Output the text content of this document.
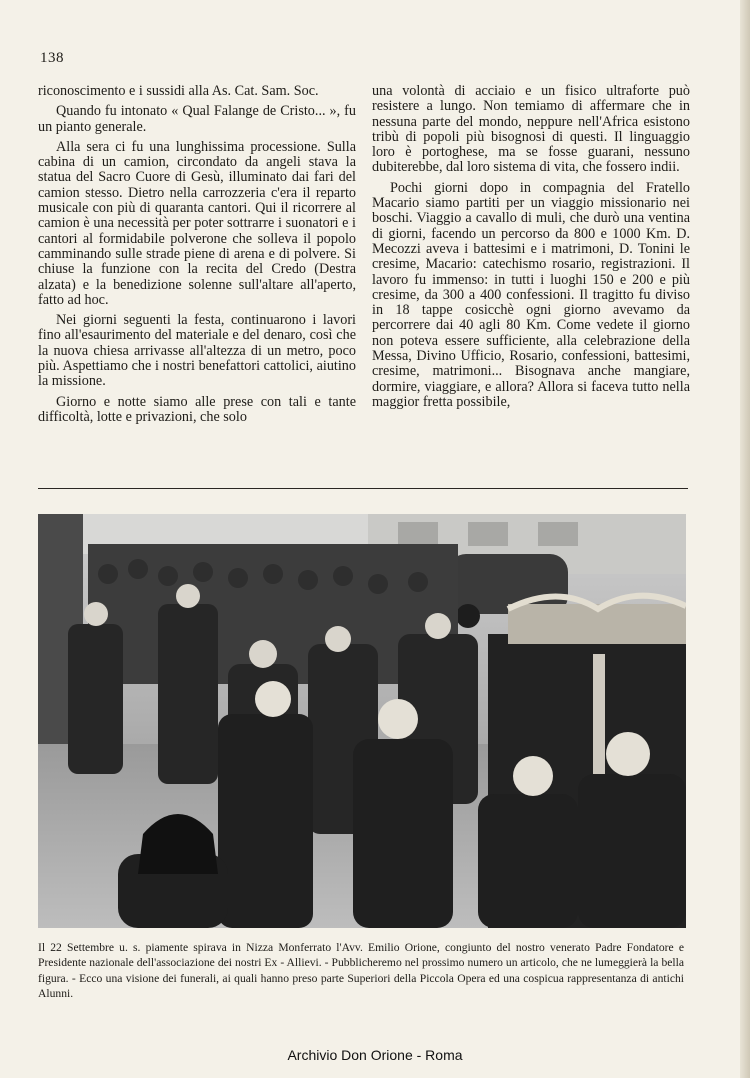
138

riconoscimento e i sussidi alla As. Cat. Sam. Soc.

Quando fu intonato « Qual Falange de Cristo... », fu un pianto generale.

Alla sera ci fu una lunghissima processione. Sulla cabina di un camion, circondato da angeli stava la statua del Sacro Cuore di Gesù, illuminato dai fari del camion stesso. Dietro nella carrozzeria c'era il reparto musicale con più di quaranta cantori. Qui il ricorrere al camion è una necessità per poter sottrarre i suonatori e i cantori al formidabile polverone che solleva il popolo camminando sulle strade piene di arena e di polvere. Si chiuse la funzione con la recita del Credo (Destra alzata) e la benedizione solenne sull'altare all'aperto, fatto ad hoc.

Nei giorni seguenti la festa, continuarono i lavori fino all'esaurimento del materiale e del denaro, così che la nuova chiesa arrivasse all'altezza di un metro, poco più. Aspettiamo che i nostri benefattori cattolici, aiutino la missione.

Giorno e notte siamo alle prese con tali e tante difficoltà, lotte e privazioni, che solo

una volontà di acciaio e un fisico ultraforte può resistere a lungo. Non temiamo di affermare che in nessuna parte del mondo, neppure nell'Africa esistono tribù di popoli più bisognosi di questi. Il linguaggio loro è portoghese, ma se fosse guarani, nessuno dubiterebbe, dal loro sistema di vita, che fossero indii.

Pochi giorni dopo in compagnia del Fratello Macario siamo partiti per un viaggio missionario nei boschi. Viaggio a cavallo di muli, che durò una ventina di giorni, facendo un percorso da 800 e 1000 Km. D. Mecozzi aveva i battesimi e i matrimoni, D. Tonini le cresime, Macario: catechismo rosario, registrazioni. Il lavoro fu immenso: in tutti i luoghi 150 e 200 e più cresime, da 300 a 400 confessioni. Il tragitto fu diviso in 18 tappe cosicchè ogni giorno avevamo da percorrere dai 40 agli 80 Km. Come vedete il giorno non poteva essere sufficiente, alla celebrazione della Messa, Divino Ufficio, Rosario, confessioni, battesimi, cresime, matrimoni... Bisognava anche mangiare, dormire, viaggiare, e allora? Allora si faceva tutto nella maggior fretta possibile,

Il 22 Settembre u. s. piamente spirava in Nizza Monferrato l'Avv. Emilio Orione, congiunto del nostro venerato Padre Fondatore e Presidente nazionale dell'associazione dei nostri Ex - Allievi. - Pubblicheremo nel prossimo numero un articolo, che ne lumeggierà la bella figura. - Ecco una visione dei funerali, ai quali hanno preso parte Superiori della Piccola Opera ed una cospicua rappresentanza di antichi Alunni.
Archivio Don Orione - Roma
